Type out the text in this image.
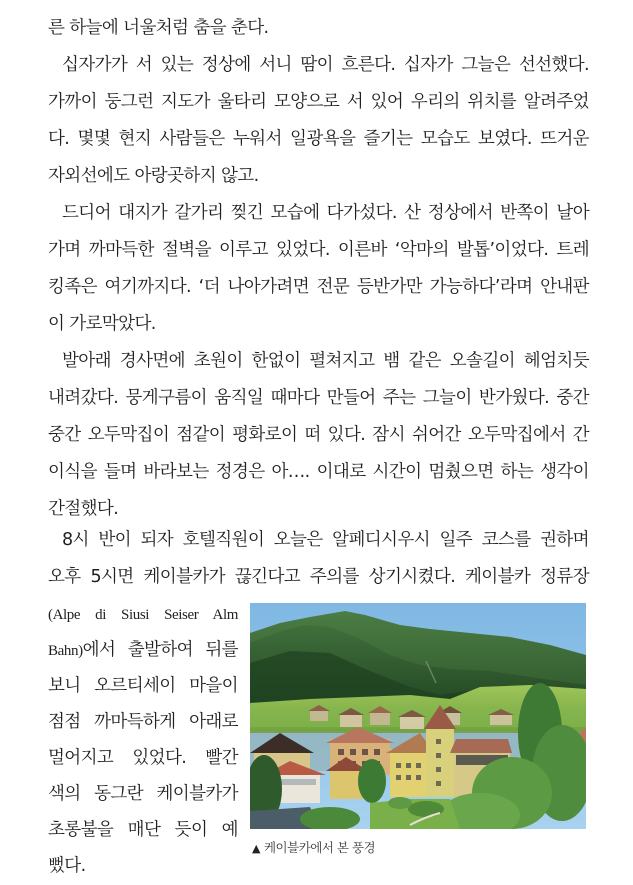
른 하늘에 너울처럼 춤을 춘다.
십자가가 서 있는 정상에 서니 땀이 흐른다. 십자가 그늘은 선선했다.
가까이 둥그런 지도가 울타리 모양으로 서 있어 우리의 위치를 알려주었
다. 몇몇 현지 사람들은 누워서 일광욕을 즐기는 모습도 보였다. 뜨거운
자외선에도 아랑곳하지 않고.
드디어 대지가 갈가리 찢긴 모습에 다가섰다. 산 정상에서 반쪽이 날아
가며 까마득한 절벽을 이루고 있었다. 이른바 ‘악마의 발톱’이었다. 트레
킹족은 여기까지다. ‘더 나아가려면 전문 등반가만 가능하다’라며 안내판
이 가로막았다.
발아래 경사면에 초원이 한없이 펼쳐지고 뱀 같은 오솔길이 헤엄치듯
내려갔다. 뭉게구름이 움직일 때마다 만들어 주는 그늘이 반가웠다. 중간
중간 오두막집이 점같이 평화로이 떠 있다. 잠시 쉬어간 오두막집에서 간
이식을 들며 바라보는 정경은 아…. 이대로 시간이 멈췄으면 하는 생각이
간절했다.
8시 반이 되자 호텔직원이 오늘은 알페디시우시 일주 코스를 권하며
오후 5시면 케이블카가 끊긴다고 주의를 상기시켰다. 케이블카 정류장
(Alpe di Siusi Seiser Alm
Bahn)에서 출발하여 뒤를
보니 오르티세이 마을이
점점 까마득하게 아래로
멀어지고 있었다. 빨간
색의 동그란 케이블카가
초롱불을 매단 듯이 예
뻤다.
▲ 케이블카에서 본 풍경
